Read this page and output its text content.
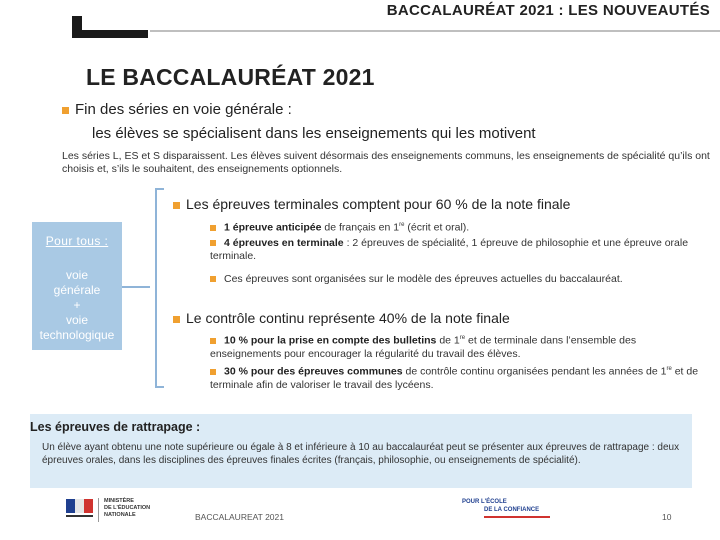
BACCALAURÉAT 2021 : LES NOUVEAUTÉS
LE BACCALAURÉAT 2021
Fin des séries en voie générale :
les élèves se spécialisent dans les enseignements qui les motivent
Les séries L, ES et S disparaissent. Les élèves suivent désormais des enseignements communs, les enseignements de spécialité qu’ils ont choisis et, s’ils le souhaitent, des enseignements optionnels.
Pour tous :
voie
générale
+
voie
technologique
Les épreuves terminales comptent pour 60 % de la note finale
1 épreuve anticipée de français en 1re (écrit et oral).
4 épreuves en terminale : 2 épreuves de spécialité, 1 épreuve de philosophie et une épreuve orale terminale.
Ces épreuves sont organisées sur le modèle des épreuves actuelles du baccalauréat.
Le contrôle continu représente 40% de la note finale
10 % pour la prise en compte des bulletins de 1re et de terminale dans l’ensemble des enseignements pour encourager la régularité du travail des élèves.
30 % pour des épreuves communes de contrôle continu organisées pendant les années de 1re et de terminale afin de valoriser le travail des lycéens.
Les épreuves de rattrapage :
Un élève ayant obtenu une note supérieure ou égale à 8 et inférieure à 10 au baccalauréat peut se présenter aux épreuves de rattrapage : deux épreuves orales, dans les disciplines des épreuves finales écrites (français, philosophie, ou enseignements de spécialité).
MINISTÈRE
DE L'ÉDUCATION
NATIONALE	BACCALAUREAT 2021
POUR L'ÉCOLE
DE LA CONFIANCE
10
